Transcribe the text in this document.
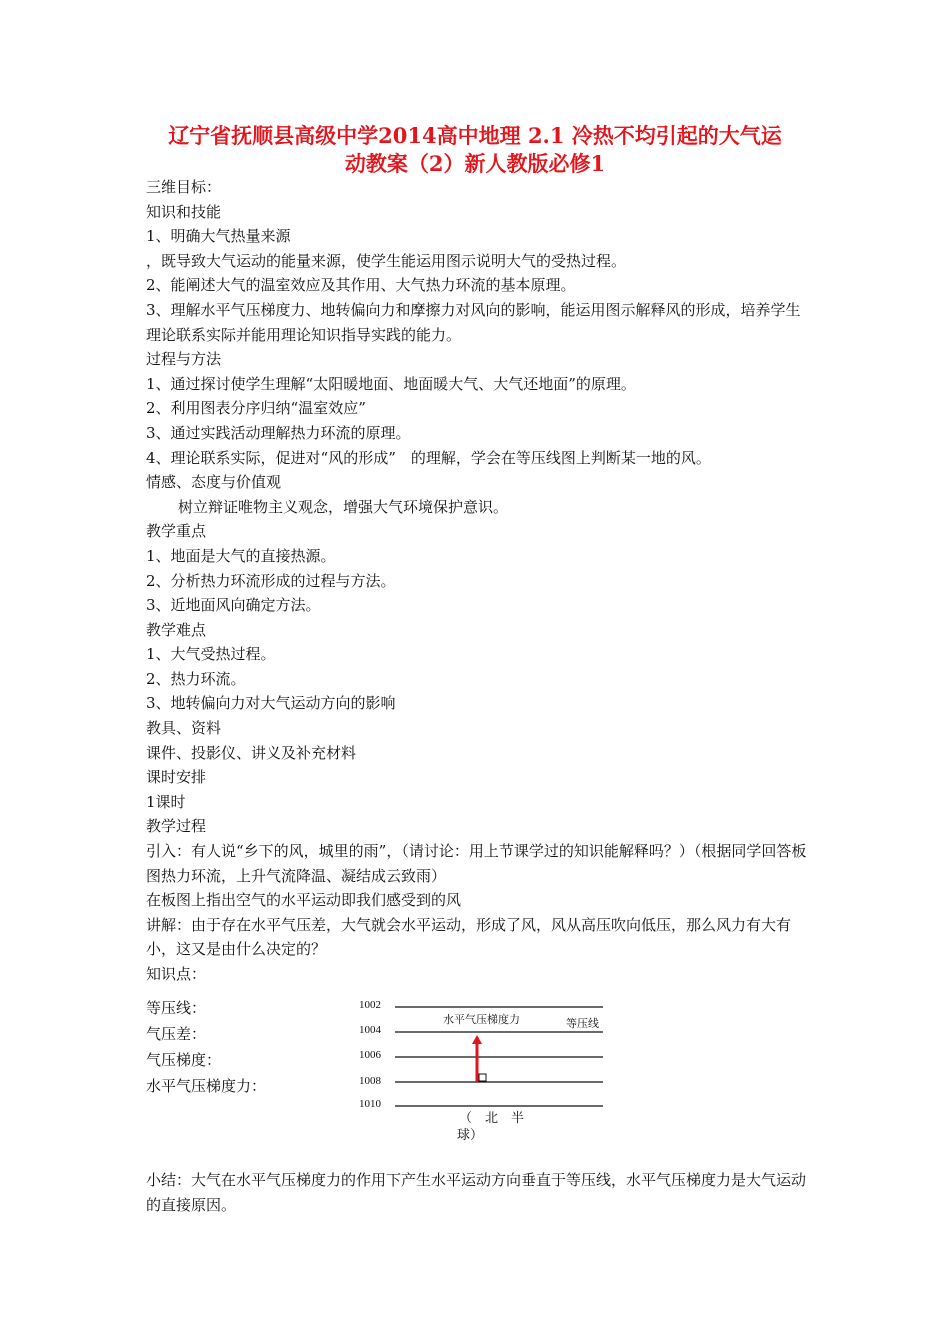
辽宁省抚顺县高级中学2014高中地理 2.1 冷热不均引起的大气运
动教案（2）新人教版必修1
三维目标：
知识和技能
1、明确大气热量来源
，既导致大气运动的能量来源，使学生能运用图示说明大气的受热过程。
2、能阐述大气的温室效应及其作用、大气热力环流的基本原理。
3、理解水平气压梯度力、地转偏向力和摩擦力对风向的影响，能运用图示解释风的形成，培养学生理论联系实际并能用理论知识指导实践的能力。
过程与方法
1、通过探讨使学生理解“太阳暖地面、地面暖大气、大气还地面”的原理。
2、利用图表分序归纳“温室效应”
3、通过实践活动理解热力环流的原理。
4、理论联系实际，促进对“风的形成”　的理解，学会在等压线图上判断某一地的风。
情感、态度与价值观
树立辩证唯物主义观念，增强大气环境保护意识。
教学重点
1、地面是大气的直接热源。
2、分析热力环流形成的过程与方法。
3、近地面风向确定方法。
教学难点
1、大气受热过程。
2、热力环流。
3、地转偏向力对大气运动方向的影响
教具、资料
课件、投影仪、讲义及补充材料
课时安排
1课时
教学过程
引入：有人说“乡下的风，城里的雨”，（请讨论：用上节课学过的知识能解释吗？）（根据同学回答板图热力环流，上升气流降温、凝结成云致雨）
在板图上指出空气的水平运动即我们感受到的风
讲解：由于存在水平气压差，大气就会水平运动，形成了风，风从高压吹向低压，那么风力有大有小，这又是由什么决定的？
知识点：
等压线：
气压差：
气压梯度：
水平气压梯度力：
1002
1004
1006
1008
1010
水平气压梯度力	等压线
（　北　半
球）
小结：大气在水平气压梯度力的作用下产生水平运动方向垂直于等压线，水平气压梯度力是大气运动的直接原因。
